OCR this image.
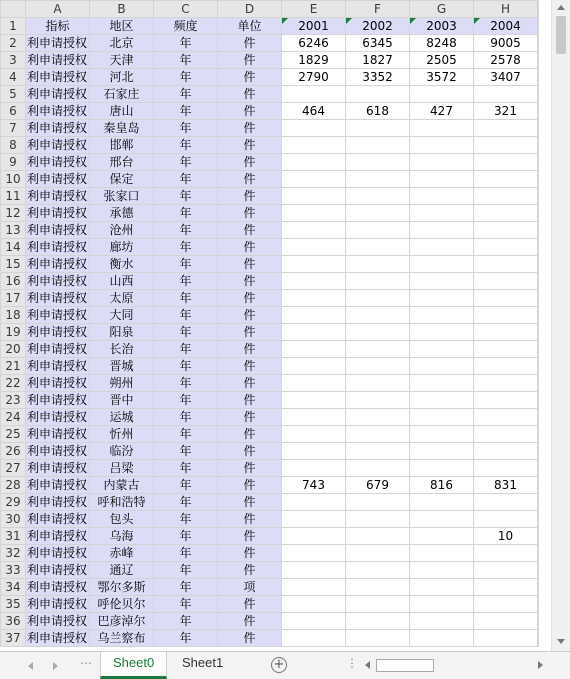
	A	B	C	D	E	F	G	H	
1	指标	地区	频度	单位	2001	2002	2003	2004	
2	利申请授权	北京	年	件	6246	6345	8248	9005	
3	利申请授权	天津	年	件	1829	1827	2505	2578	
4	利申请授权	河北	年	件	2790	3352	3572	3407	
5	利申请授权	石家庄	年	件					
6	利申请授权	唐山	年	件	464	618	427	321	
7	利申请授权	秦皇岛	年	件					
8	利申请授权	邯郸	年	件					
9	利申请授权	邢台	年	件					
10	利申请授权	保定	年	件					
11	利申请授权	张家口	年	件					
12	利申请授权	承德	年	件					
13	利申请授权	沧州	年	件					
14	利申请授权	廊坊	年	件					
15	利申请授权	衡水	年	件					
16	利申请授权	山西	年	件					
17	利申请授权	太原	年	件					
18	利申请授权	大同	年	件					
19	利申请授权	阳泉	年	件					
20	利申请授权	长治	年	件					
21	利申请授权	晋城	年	件					
22	利申请授权	朔州	年	件					
23	利申请授权	晋中	年	件					
24	利申请授权	运城	年	件					
25	利申请授权	忻州	年	件					
26	利申请授权	临汾	年	件					
27	利申请授权	吕梁	年	件					
28	利申请授权	内蒙古	年	件	743	679	816	831	
29	利申请授权	呼和浩特	年	件					
30	利申请授权	包头	年	件					
31	利申请授权	乌海	年	件				10	
32	利申请授权	赤峰	年	件					
33	利申请授权	通辽	年	件					
34	利申请授权	鄂尔多斯	年	项					
35	利申请授权	呼伦贝尔	年	件					
36	利申请授权	巴彦淖尔	年	件					
37	利申请授权	乌兰察布	年	件					
⋯	Sheet0	Sheet1	+	⋮
